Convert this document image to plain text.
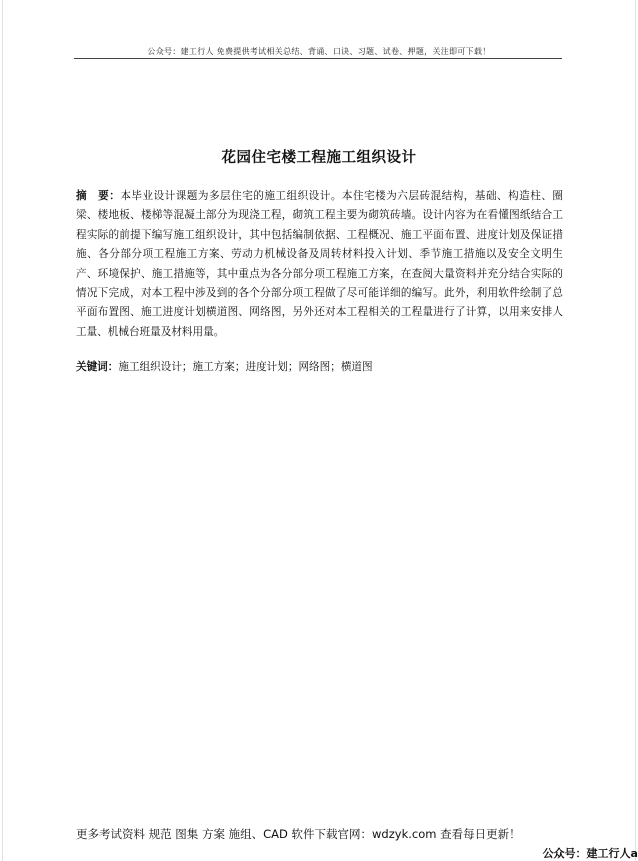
公众号：建工行人 免费提供考试相关总结、背诵、口诀、习题、试卷、押题，关注即可下载！
花园住宅楼工程施工组织设计
摘　要：本毕业设计课题为多层住宅的施工组织设计。本住宅楼为六层砖混结构，基础、构造柱、圈梁、楼地板、楼梯等混凝土部分为现浇工程，砌筑工程主要为砌筑砖墙。设计内容为在看懂图纸结合工程实际的前提下编写施工组织设计，其中包括编制依据、工程概况、施工平面布置、进度计划及保证措施、各分部分项工程施工方案、劳动力机械设备及周转材料投入计划、季节施工措施以及安全文明生产、环境保护、施工措施等，其中重点为各分部分项工程施工方案，在查阅大量资料并充分结合实际的情况下完成，对本工程中涉及到的各个分部分项工程做了尽可能详细的编写。此外，利用软件绘制了总平面布置图、施工进度计划横道图、网络图，另外还对本工程相关的工程量进行了计算，以用来安排人工量、机械台班量及材料用量。
关键词：施工组织设计；施工方案；进度计划；网络图；横道图
更多考试资料 规范 图集 方案 施组、CAD 软件下载官网：wdzyk.com 查看每日更新！
公众号：建工行人a
